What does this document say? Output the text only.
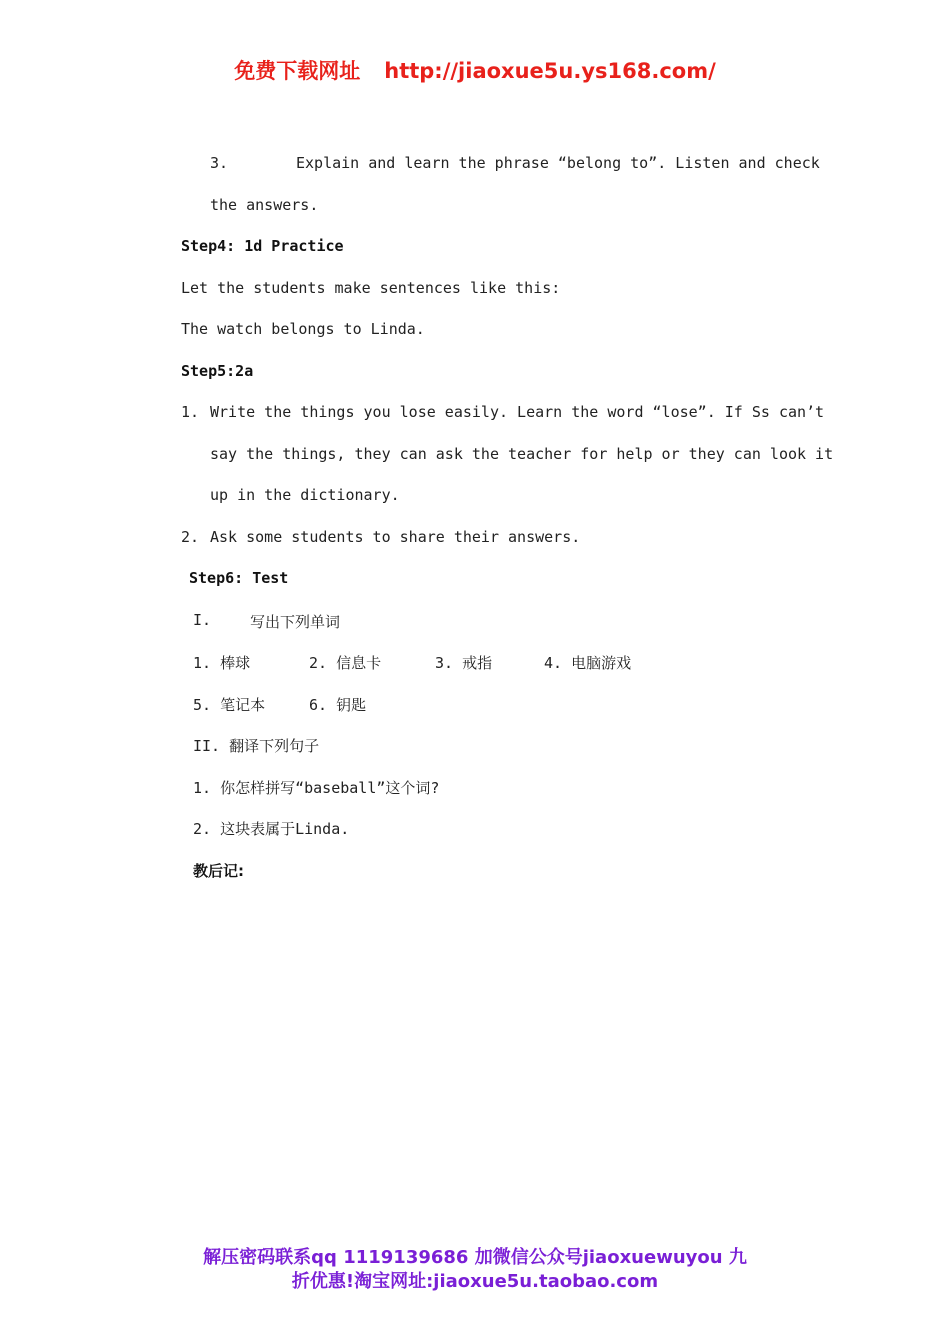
免费下载网址 http://jiaoxue5u.ys168.com/
3.	Explain and learn the phrase “belong to”. Listen and check
the answers.
Step4: 1d Practice
Let the students make sentences like this:
The watch belongs to Linda.
Step5:2a
1. Write the things you lose easily. Learn the word “lose”. If Ss can’t
say the things, they can ask the teacher for help or they can look it
up in the dictionary.
2. Ask some students to share their answers.
Step6: Test
I.	写出下列单词
1. 棒球	2. 信息卡	3. 戒指	4. 电脑游戏
5. 笔记本	6. 钥匙
II. 翻译下列句子
1. 你怎样拼写“baseball”这个词?
2. 这块表属于Linda.
教后记:
解压密码联系qq 1119139686 加微信公众号jiaoxuewuyou 九
折优惠!淘宝网址:jiaoxue5u.taobao.com
